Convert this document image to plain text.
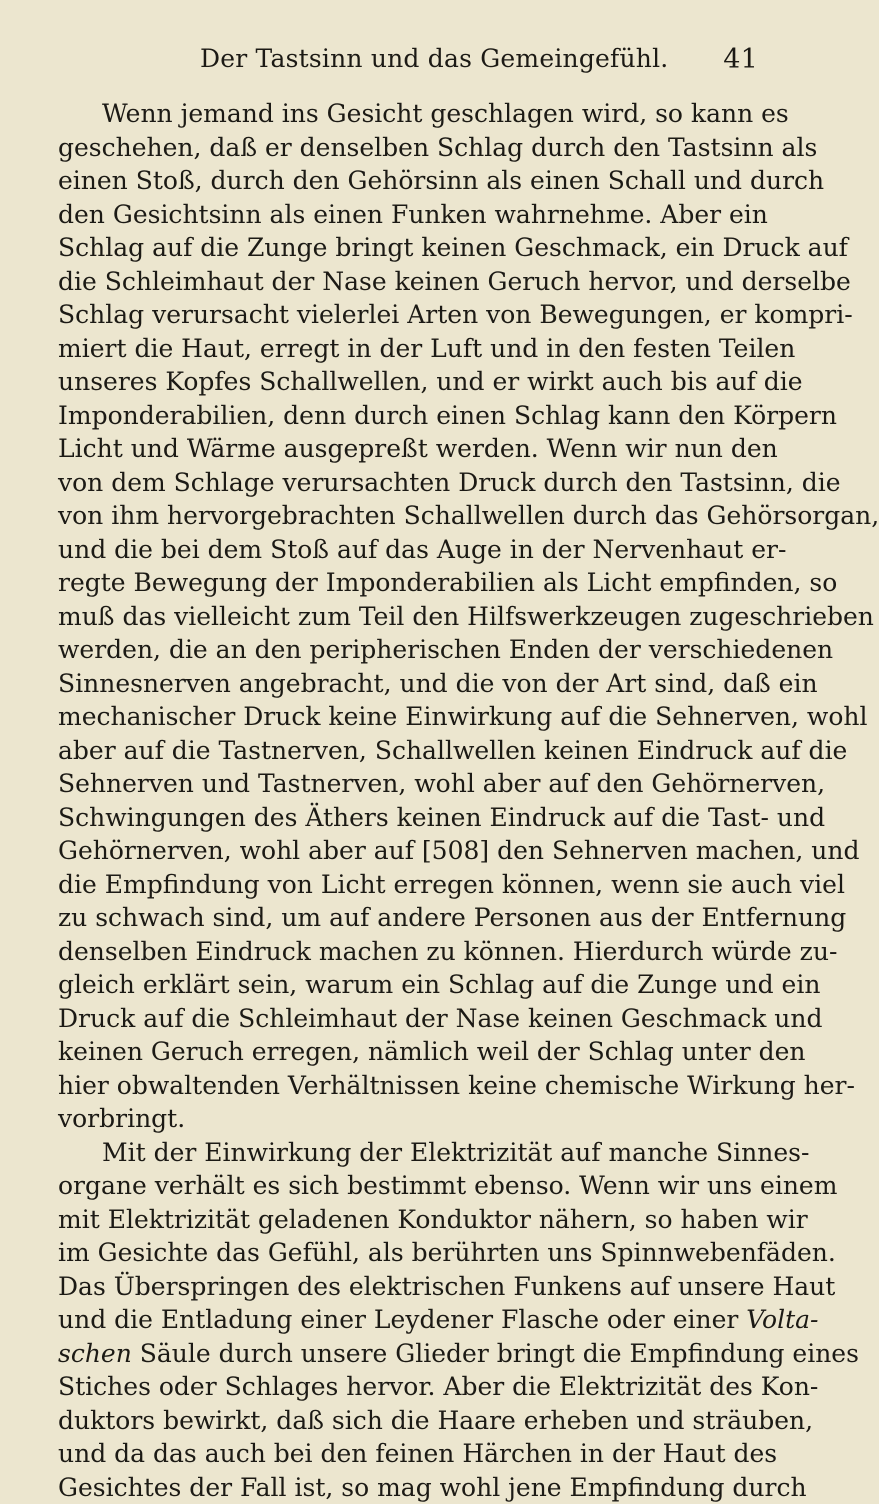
Der Tastsinn und das Gemeingefühl. 41
Wenn jemand ins Gesicht geschlagen wird, so kann es
geschehen, daß er denselben Schlag durch den Tastsinn als
einen Stoß, durch den Gehörsinn als einen Schall und durch
den Gesichtsinn als einen Funken wahrnehme. Aber ein
Schlag auf die Zunge bringt keinen Geschmack, ein Druck auf
die Schleimhaut der Nase keinen Geruch hervor, und derselbe
Schlag verursacht vielerlei Arten von Bewegungen, er kompri-
miert die Haut, erregt in der Luft und in den festen Teilen
unseres Kopfes Schallwellen, und er wirkt auch bis auf die
Imponderabilien, denn durch einen Schlag kann den Körpern
Licht und Wärme ausgepreßt werden. Wenn wir nun den
von dem Schlage verursachten Druck durch den Tastsinn, die
von ihm hervorgebrachten Schallwellen durch das Gehörsorgan,
und die bei dem Stoß auf das Auge in der Nervenhaut er-
regte Bewegung der Imponderabilien als Licht empfinden, so
muß das vielleicht zum Teil den Hilfswerkzeugen zugeschrieben
werden, die an den peripherischen Enden der verschiedenen
Sinnesnerven angebracht, und die von der Art sind, daß ein
mechanischer Druck keine Einwirkung auf die Sehnerven, wohl
aber auf die Tastnerven, Schallwellen keinen Eindruck auf die
Sehnerven und Tastnerven, wohl aber auf den Gehörnerven,
Schwingungen des Äthers keinen Eindruck auf die Tast- und
Gehörnerven, wohl aber auf [508] den Sehnerven machen, und
die Empfindung von Licht erregen können, wenn sie auch viel
zu schwach sind, um auf andere Personen aus der Entfernung
denselben Eindruck machen zu können. Hierdurch würde zu-
gleich erklärt sein, warum ein Schlag auf die Zunge und ein
Druck auf die Schleimhaut der Nase keinen Geschmack und
keinen Geruch erregen, nämlich weil der Schlag unter den
hier obwaltenden Verhältnissen keine chemische Wirkung her-
vorbringt.
Mit der Einwirkung der Elektrizität auf manche Sinnes-
organe verhält es sich bestimmt ebenso. Wenn wir uns einem
mit Elektrizität geladenen Konduktor nähern, so haben wir
im Gesichte das Gefühl, als berührten uns Spinnwebenfäden.
Das Überspringen des elektrischen Funkens auf unsere Haut
und die Entladung einer Leydener Flasche oder einer Volta-
schen Säule durch unsere Glieder bringt die Empfindung eines
Stiches oder Schlages hervor. Aber die Elektrizität des Kon-
duktors bewirkt, daß sich die Haare erheben und sträuben,
und da das auch bei den feinen Härchen in der Haut des
Gesichtes der Fall ist, so mag wohl jene Empfindung durch
